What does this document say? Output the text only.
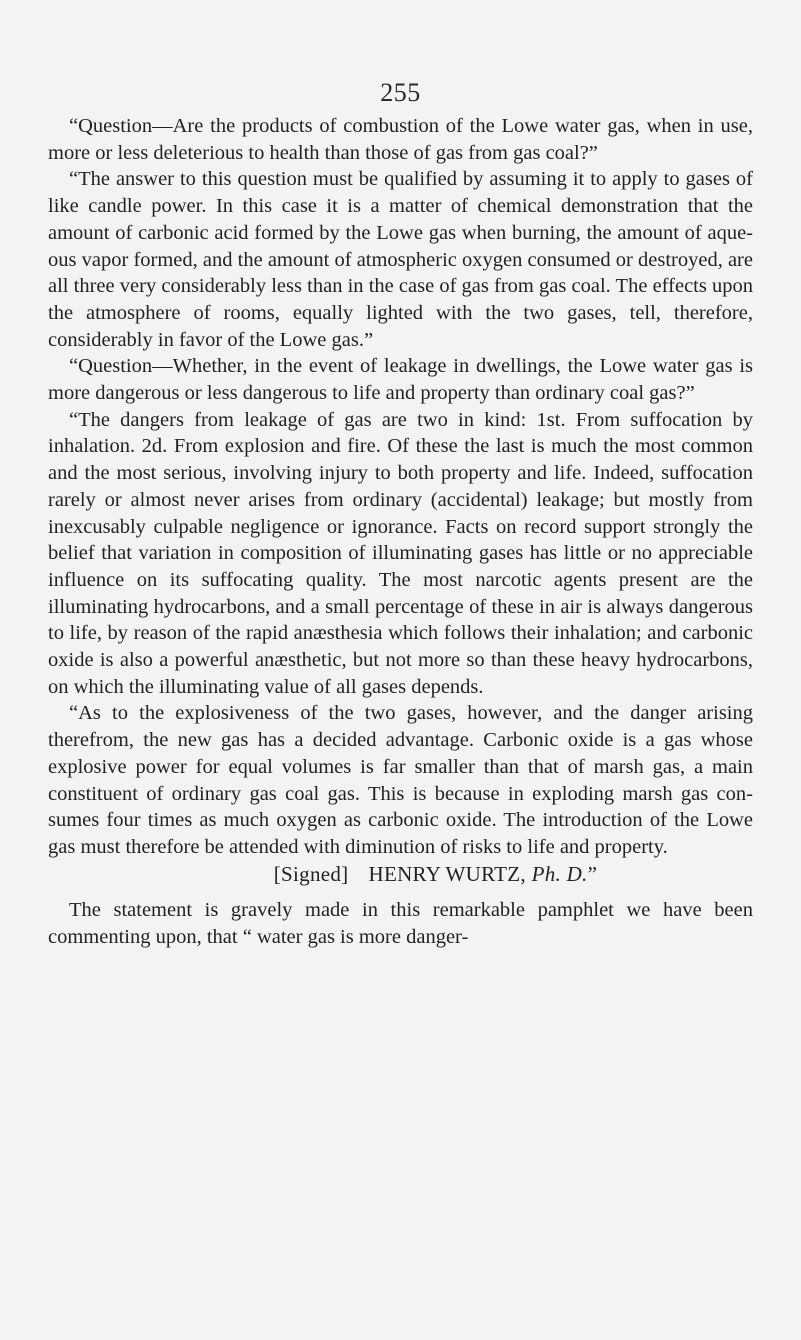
255

“Question—Are the products of combustion of the Lowe water gas, when in use, more or less deleterious to health than those of gas from gas coal?”

“The answer to this question must be qualified by assuming it to apply to gases of like candle power. In this case it is a matter of chemical demonstration that the amount of carbonic acid formed by the Lowe gas when burning, the amount of aqueous vapor formed, and the amount of atmospheric oxygen consumed or destroyed, are all three very considerably less than in the case of gas from gas coal. The effects upon the atmosphere of rooms, equally lighted with the two gases, tell, therefore, considerably in favor of the Lowe gas.”

“Question—Whether, in the event of leakage in dwellings, the Lowe water gas is more dangerous or less dangerous to life and property than ordinary coal gas?”

“The dangers from leakage of gas are two in kind: 1st. From suffocation by inhalation. 2d. From explosion and fire. Of these the last is much the most common and the most serious, involving injury to both property and life. Indeed, suffocation rarely or almost never arises from ordinary (accidental) leakage; but mostly from inexcusably culpable negligence or ignorance. Facts on record support strongly the belief that variation in composition of illuminating gases has little or no appreciable influence on its suffocating quality. The most narcotic agents present are the illuminating hydrocarbons, and a small percentage of these in air is always dangerous to life, by reason of the rapid anæsthesia which follows their inhalation; and carbonic oxide is also a powerful anæsthetic, but not more so than these heavy hydrocarbons, on which the illuminating value of all gases depends.

“As to the explosiveness of the two gases, however, and the danger arising therefrom, the new gas has a decided advantage. Carbonic oxide is a gas whose explosive power for equal volumes is far smaller than that of marsh gas, a main constituent of ordinary gas coal gas. This is because in exploding marsh gas consumes four times as much oxygen as carbonic oxide. The introduction of the Lowe gas must therefore be attended with diminution of risks to life and property.

[Signed] HENRY WURTZ, Ph. D.”

The statement is gravely made in this remarkable pamphlet we have been commenting upon, that “ water gas is more danger-
